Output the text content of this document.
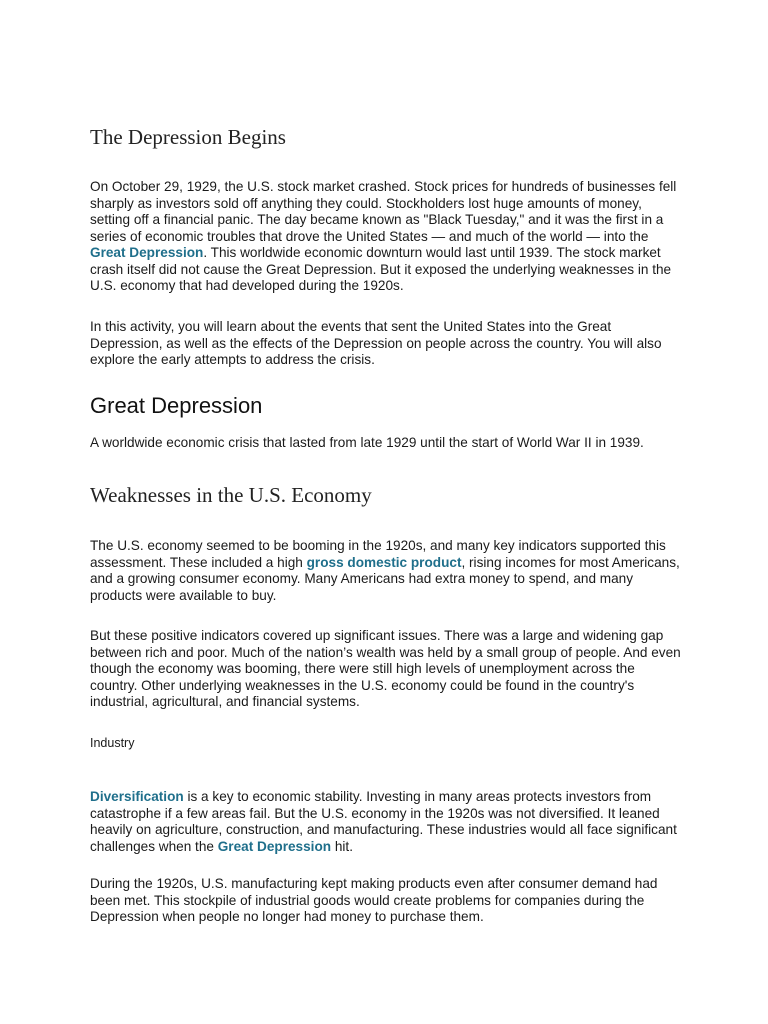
The Depression Begins

On October 29, 1929, the U.S. stock market crashed. Stock prices for hundreds of businesses fell sharply as investors sold off anything they could. Stockholders lost huge amounts of money, setting off a financial panic. The day became known as "Black Tuesday," and it was the first in a series of economic troubles that drove the United States — and much of the world — into the Great Depression. This worldwide economic downturn would last until 1939. The stock market crash itself did not cause the Great Depression. But it exposed the underlying weaknesses in the U.S. economy that had developed during the 1920s.

In this activity, you will learn about the events that sent the United States into the Great Depression, as well as the effects of the Depression on people across the country. You will also explore the early attempts to address the crisis.

Great Depression

A worldwide economic crisis that lasted from late 1929 until the start of World War II in 1939.

Weaknesses in the U.S. Economy

The U.S. economy seemed to be booming in the 1920s, and many key indicators supported this assessment. These included a high gross domestic product, rising incomes for most Americans, and a growing consumer economy. Many Americans had extra money to spend, and many products were available to buy.

But these positive indicators covered up significant issues. There was a large and widening gap between rich and poor. Much of the nation’s wealth was held by a small group of people. And even though the economy was booming, there were still high levels of unemployment across the country. Other underlying weaknesses in the U.S. economy could be found in the country's industrial, agricultural, and financial systems.

Industry

Diversification is a key to economic stability. Investing in many areas protects investors from catastrophe if a few areas fail. But the U.S. economy in the 1920s was not diversified. It leaned heavily on agriculture, construction, and manufacturing. These industries would all face significant challenges when the Great Depression hit.

During the 1920s, U.S. manufacturing kept making products even after consumer demand had been met. This stockpile of industrial goods would create problems for companies during the Depression when people no longer had money to purchase them.
